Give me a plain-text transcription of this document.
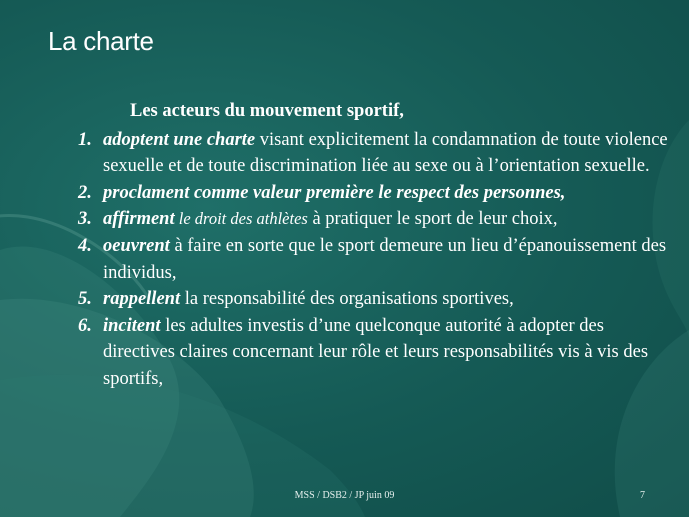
La charte

Les acteurs du mouvement sportif,

1. adoptent une charte visant explicitement la condamnation de toute violence sexuelle et de toute discrimination liée au sexe ou à l’orientation sexuelle.
2. proclament comme valeur première le respect des personnes,
3. affirment le droit des athlètes à pratiquer le sport de leur choix,
4. oeuvrent à faire en sorte que le sport demeure un lieu d’épanouissement des individus,
5. rappellent la responsabilité des organisations sportives,
6. incitent les adultes investis d’une quelconque autorité à adopter des directives claires concernant leur rôle et leurs responsabilités vis à vis des sportifs,
MSS / DSB2 / JP juin 09	7
